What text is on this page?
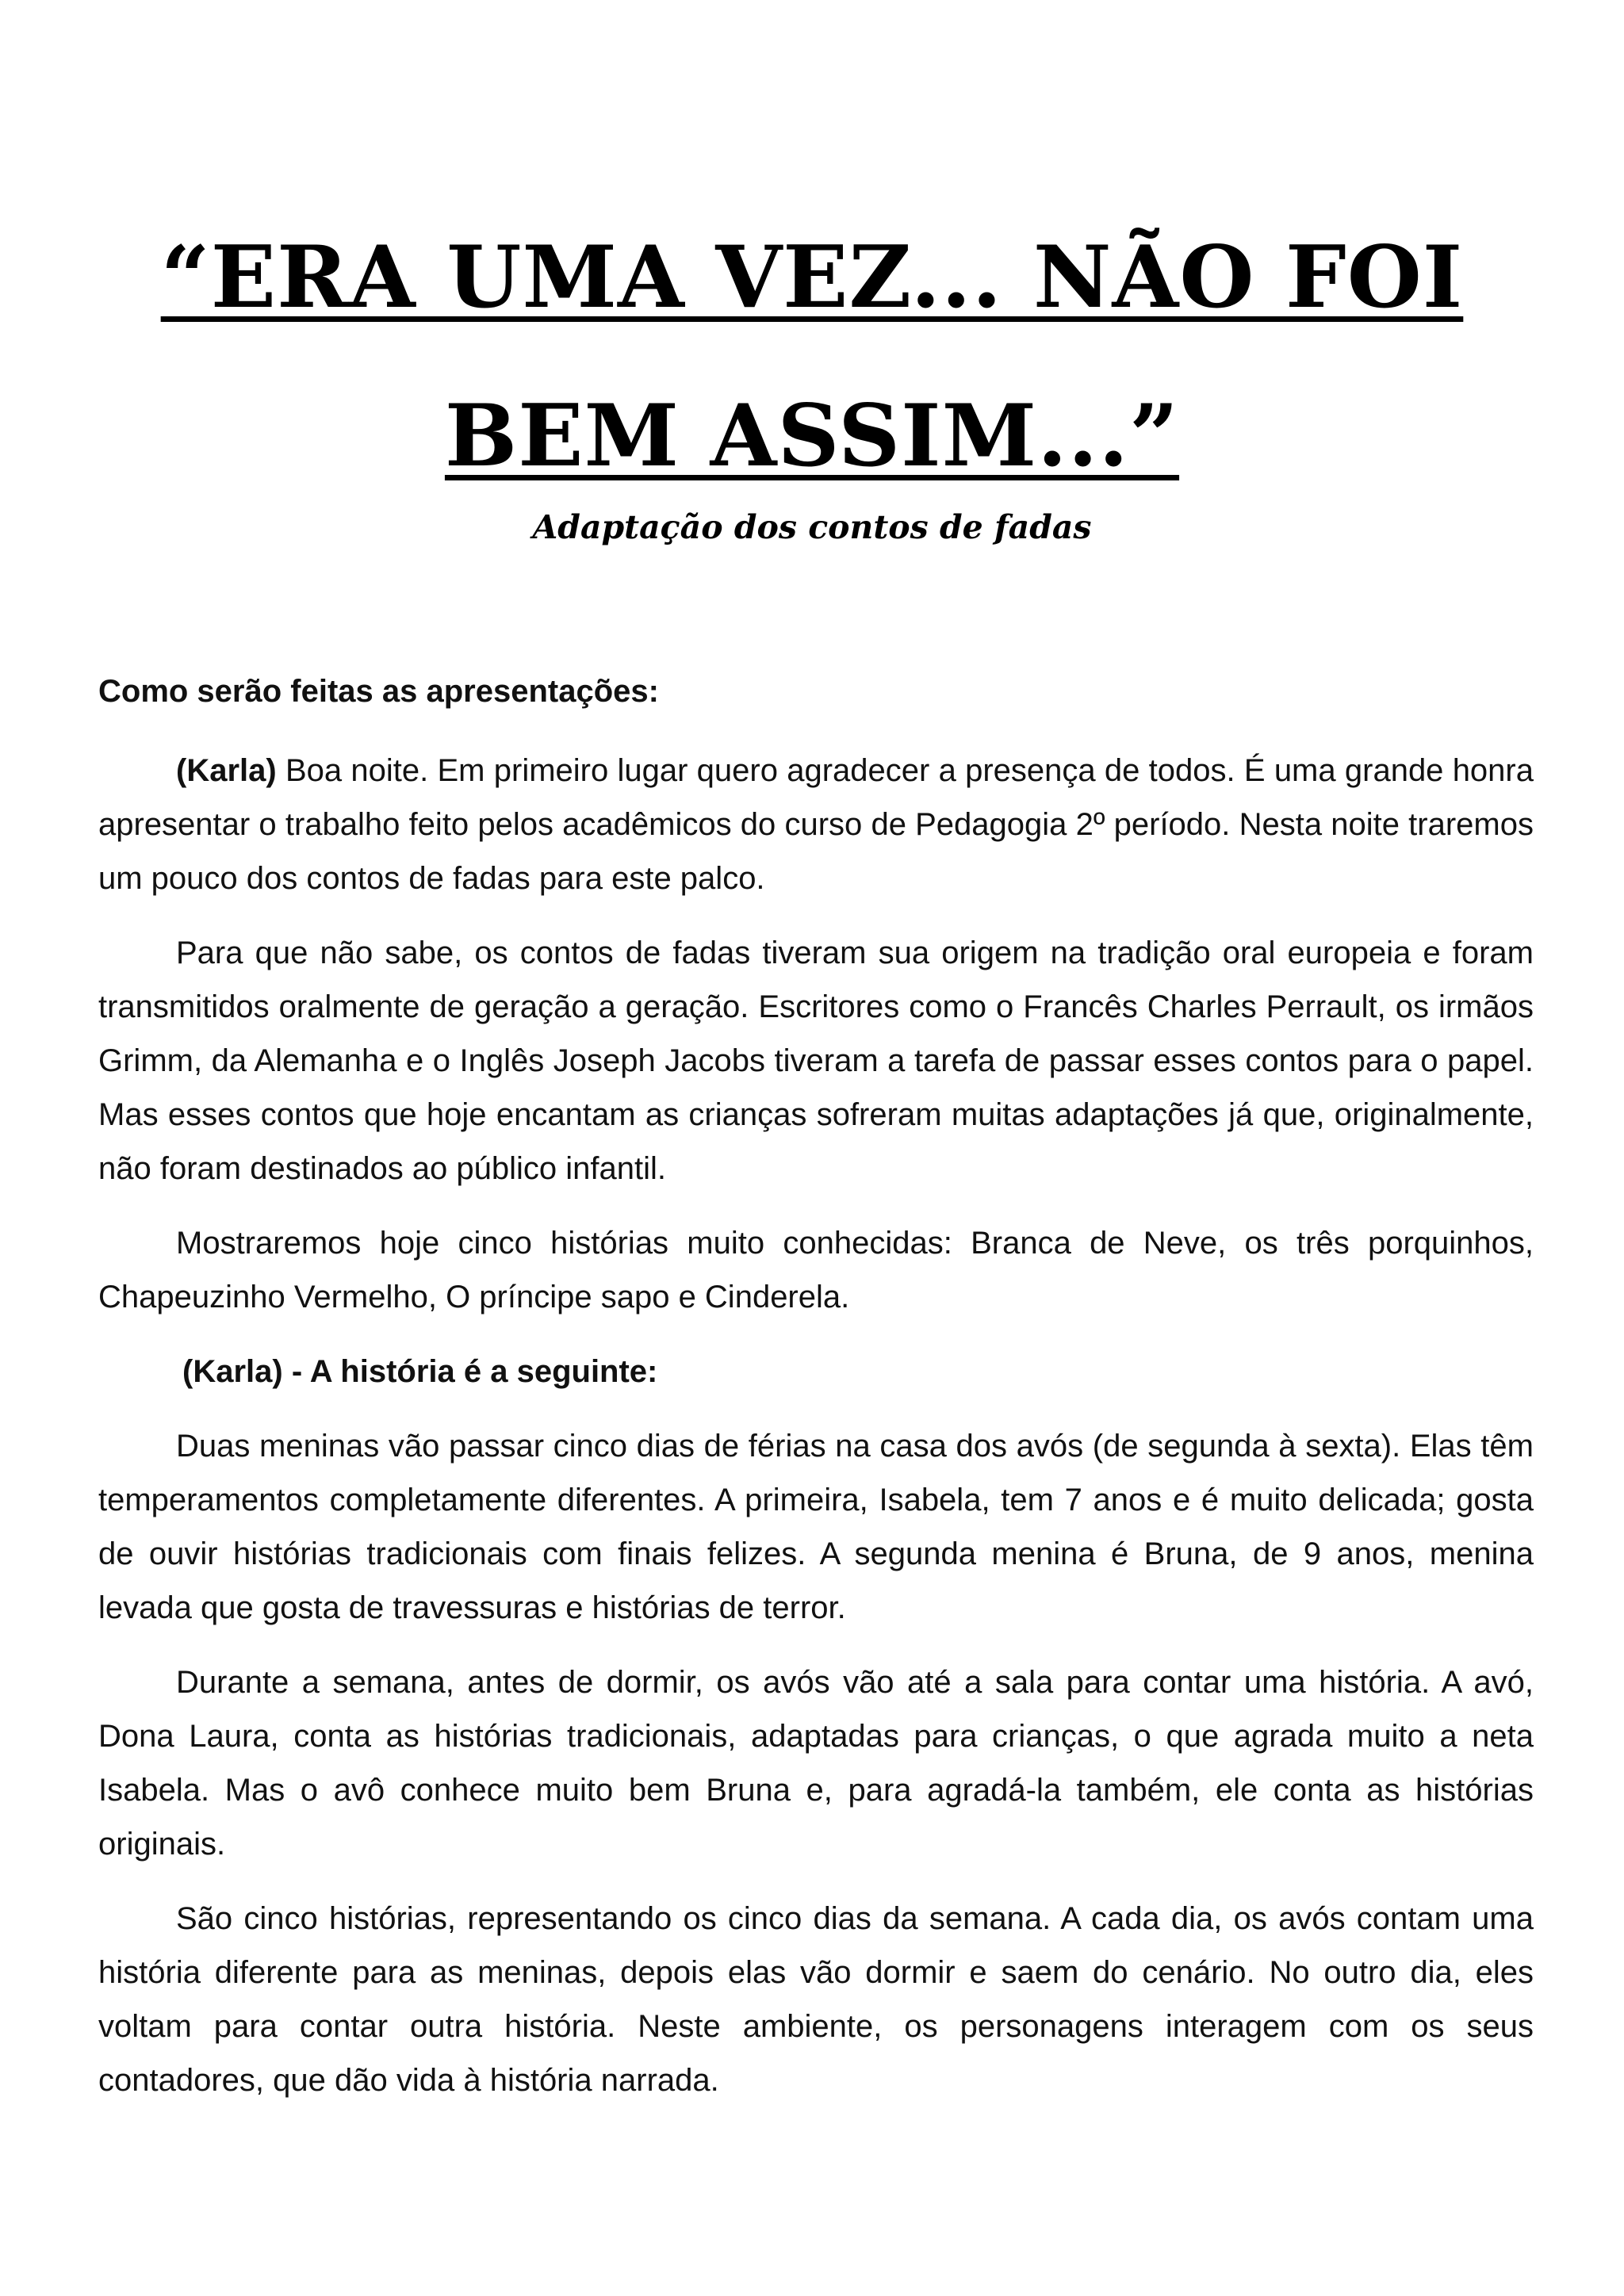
“ERA UMA VEZ... NÃO FOI BEM ASSIM...”
Adaptação dos contos de fadas

Como serão feitas as apresentações:

(Karla) Boa noite. Em primeiro lugar quero agradecer a presença de todos. É uma grande honra apresentar o trabalho feito pelos acadêmicos do curso de Pedagogia 2º período. Nesta noite traremos um pouco dos contos de fadas para este palco.

Para que não sabe, os contos de fadas tiveram sua origem na tradição oral europeia e foram transmitidos oralmente de geração a geração. Escritores como o Francês Charles Perrault, os irmãos Grimm, da Alemanha e o Inglês Joseph Jacobs tiveram a tarefa de passar esses contos para o papel. Mas esses contos que hoje encantam as crianças sofreram muitas adaptações já que, originalmente, não foram destinados ao público infantil.

Mostraremos hoje cinco histórias muito conhecidas: Branca de Neve, os três porquinhos, Chapeuzinho Vermelho, O príncipe sapo e Cinderela.

(Karla) - A história é a seguinte:

Duas meninas vão passar cinco dias de férias na casa dos avós (de segunda à sexta). Elas têm temperamentos completamente diferentes. A primeira, Isabela, tem 7 anos e é muito delicada; gosta de ouvir histórias tradicionais com finais felizes. A segunda menina é Bruna, de 9 anos, menina levada que gosta de travessuras e histórias de terror.

Durante a semana, antes de dormir, os avós vão até a sala para contar uma história. A avó, Dona Laura, conta as histórias tradicionais, adaptadas para crianças, o que agrada muito a neta Isabela. Mas o avô conhece muito bem Bruna e, para agradá-la também, ele conta as histórias originais.

São cinco histórias, representando os cinco dias da semana. A cada dia, os avós contam uma história diferente para as meninas, depois elas vão dormir e saem do cenário. No outro dia, eles voltam para contar outra história. Neste ambiente, os personagens interagem com os seus contadores, que dão vida à história narrada.
